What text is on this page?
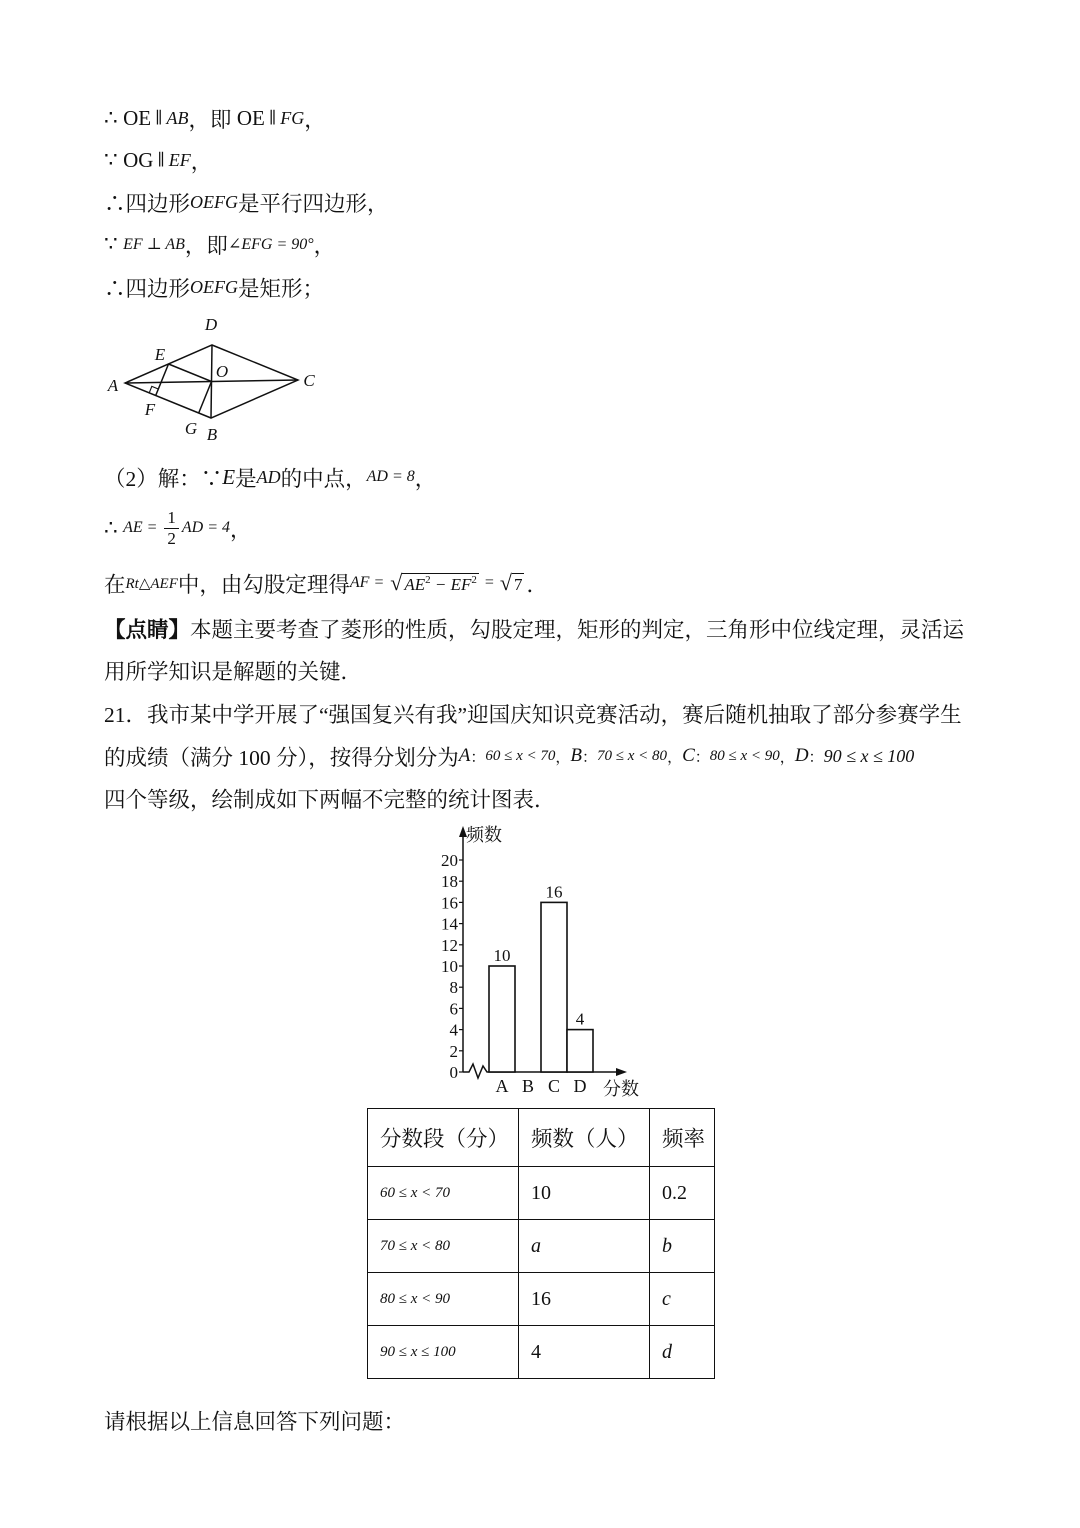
∴ OE ∥ AB ，即 OE ∥ FG ，
∵ OG ∥ EF ，
∴四边形 OEFG 是平行四边形，
∵ EF ⊥ AB ，即 ∠EFG = 90° ，
∴四边形 OEFG 是矩形；
D
E
O
A	C
F
G B
（2）解：∵ E 是 AD 的中点， AD = 8 ，
∴ AE = $\frac{1}{2}$ AD = 4 ，
在 Rt△AEF 中，由勾股定理得 AF = √ $AE^2 - EF^2$ = √ 7 ．
【点睛】 本题主要考查了菱形的性质，勾股定理，矩形的判定，三角形中位线定理，灵活运
用所学知识是解题的关键．
21．我市某中学开展了“强国复兴有我”迎国庆知识竞赛活动，赛后随机抽取了部分参赛学生
的成绩（满分 100 分），按得分划分为 A ： 60 ≤ x < 70 ， B ： 70 ≤ x < 80 ， C ： 80 ≤ x < 90 ， D ： 90 ≤ x ≤ 100
四个等级，绘制成如下两幅不完整的统计图表．
频数
分数
0
2
4
6
8
10
12
14
16
18
20
A
10
B C
16
D
4
分数段（分）	频数（人）	频率
60 ≤ x < 70	10	0.2
70 ≤ x < 80	a	b
80 ≤ x < 90	16	c
90 ≤ x ≤ 100	4	d
请根据以上信息回答下列问题：
